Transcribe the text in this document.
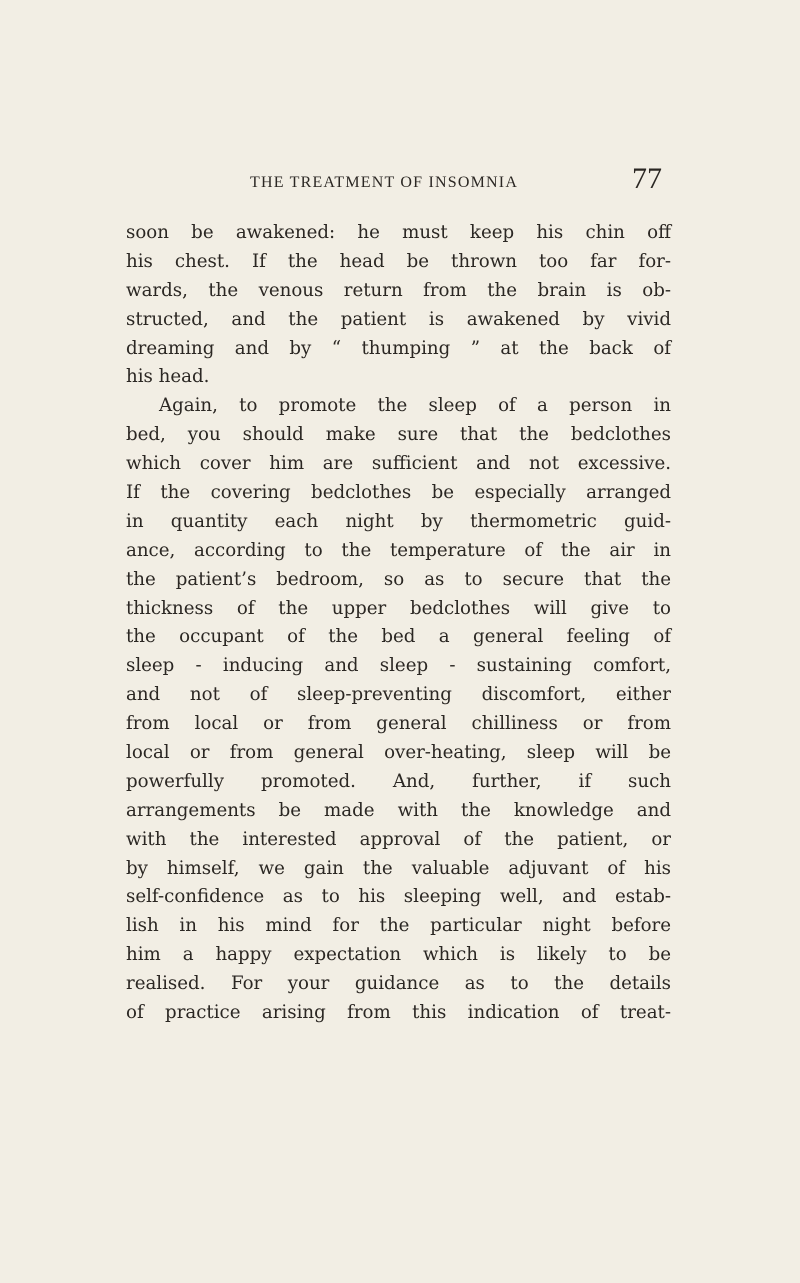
THE TREATMENT OF INSOMNIA	77
soon be awakened: he must keep his chin off
his chest. If the head be thrown too far for-
wards, the venous return from the brain is ob-
structed, and the patient is awakened by vivid
dreaming and by “ thumping ” at the back of
his head.
Again, to promote the sleep of a person in
bed, you should make sure that the bedclothes
which cover him are sufficient and not excessive.
If the covering bedclothes be especially arranged
in quantity each night by thermometric guid-
ance, according to the temperature of the air in
the patient’s bedroom, so as to secure that the
thickness of the upper bedclothes will give to
the occupant of the bed a general feeling of
sleep - inducing and sleep - sustaining comfort,
and not of sleep-preventing discomfort, either
from local or from general chilliness or from
local or from general over-heating, sleep will be
powerfully promoted. And, further, if such
arrangements be made with the knowledge and
with the interested approval of the patient, or
by himself, we gain the valuable adjuvant of his
self-confidence as to his sleeping well, and estab-
lish in his mind for the particular night before
him a happy expectation which is likely to be
realised. For your guidance as to the details
of practice arising from this indication of treat-
